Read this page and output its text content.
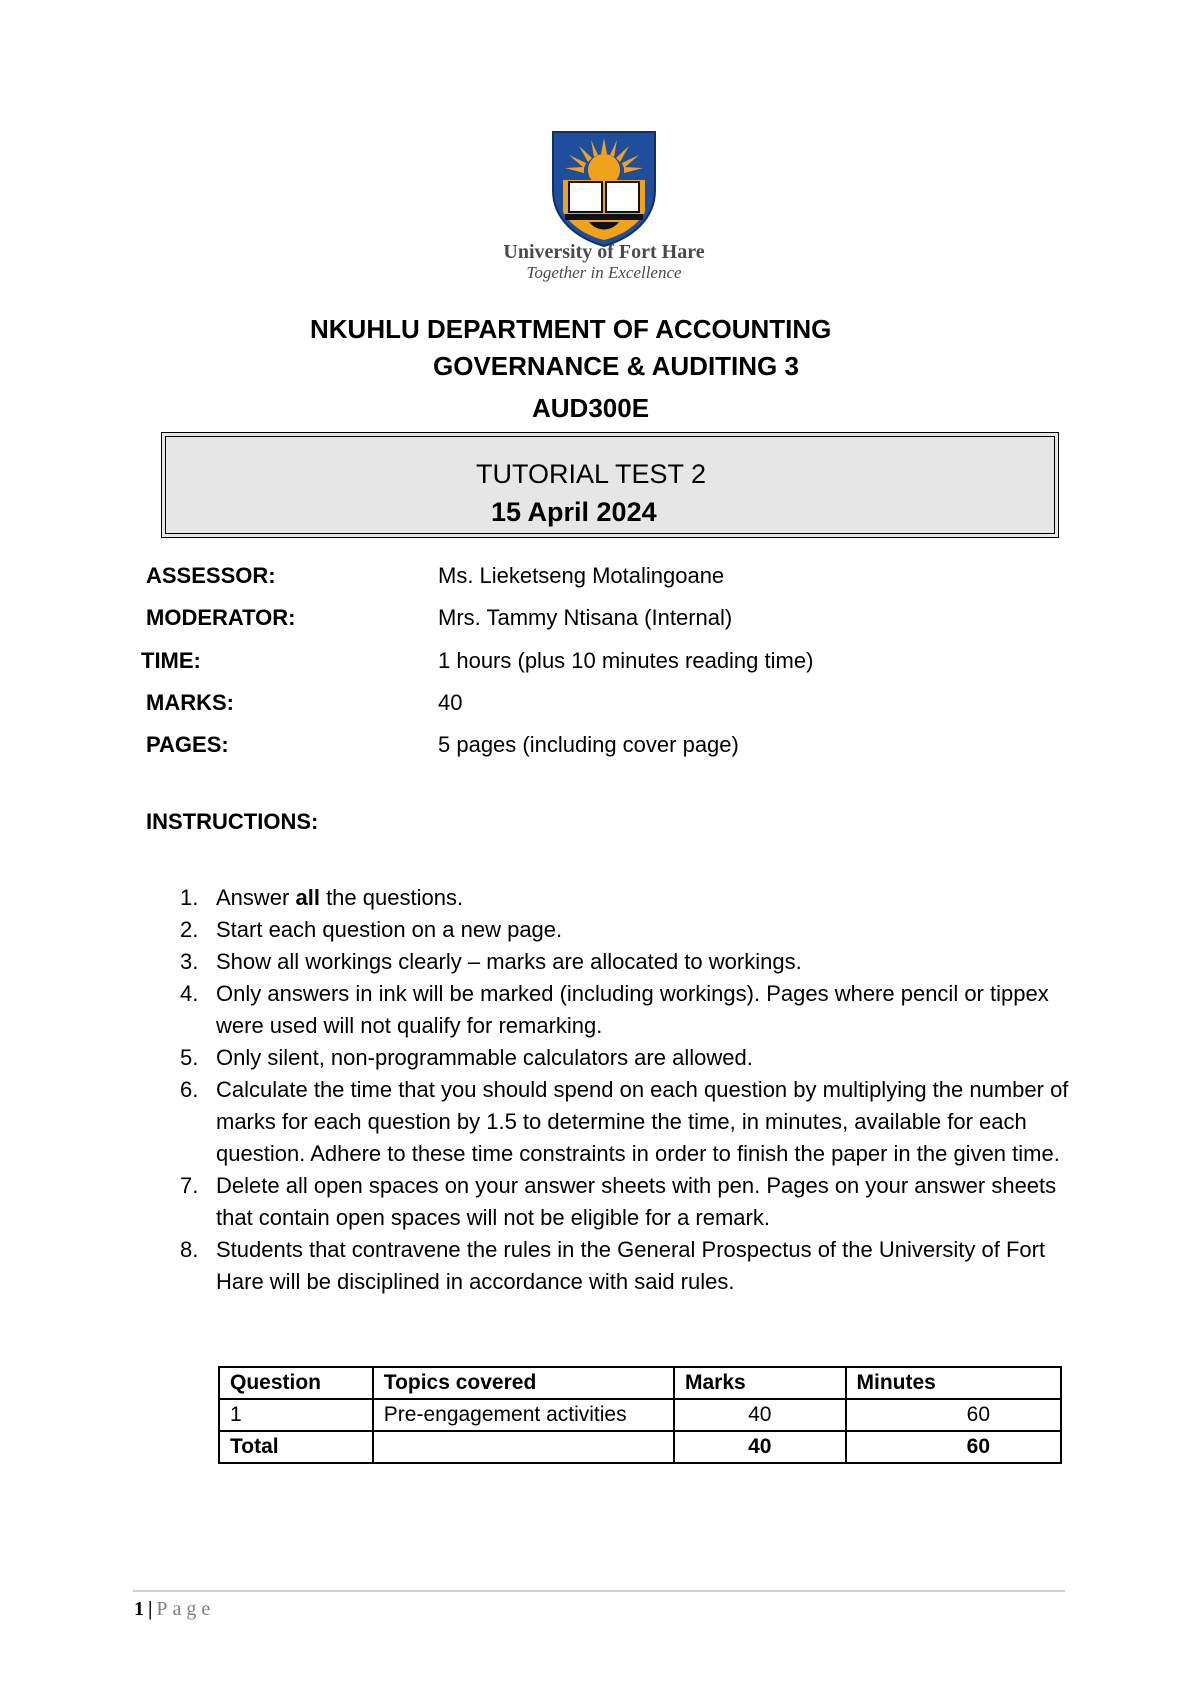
University of Fort Hare
Together in Excellence
NKUHLU DEPARTMENT OF ACCOUNTING
GOVERNANCE & AUDITING 3
AUD300E
TUTORIAL TEST 2
15 April 2024
ASSESSOR:	Ms. Lieketseng Motalingoane
MODERATOR:	Mrs. Tammy Ntisana (Internal)
TIME:	1 hours (plus 10 minutes reading time)
MARKS:	40
PAGES:	5 pages (including cover page)
INSTRUCTIONS:
1. Answer all the questions.
2. Start each question on a new page.
3. Show all workings clearly – marks are allocated to workings.
4. Only answers in ink will be marked (including workings). Pages where pencil or tippex were used will not qualify for remarking.
5. Only silent, non-programmable calculators are allowed.
6. Calculate the time that you should spend on each question by multiplying the number of marks for each question by 1.5 to determine the time, in minutes, available for each question. Adhere to these time constraints in order to finish the paper in the given time.
7. Delete all open spaces on your answer sheets with pen. Pages on your answer sheets that contain open spaces will not be eligible for a remark.
8. Students that contravene the rules in the General Prospectus of the University of Fort Hare will be disciplined in accordance with said rules.
Question	Topics covered	Marks	Minutes
1	Pre-engagement activities	40	60
Total		40	60
1 | Page
